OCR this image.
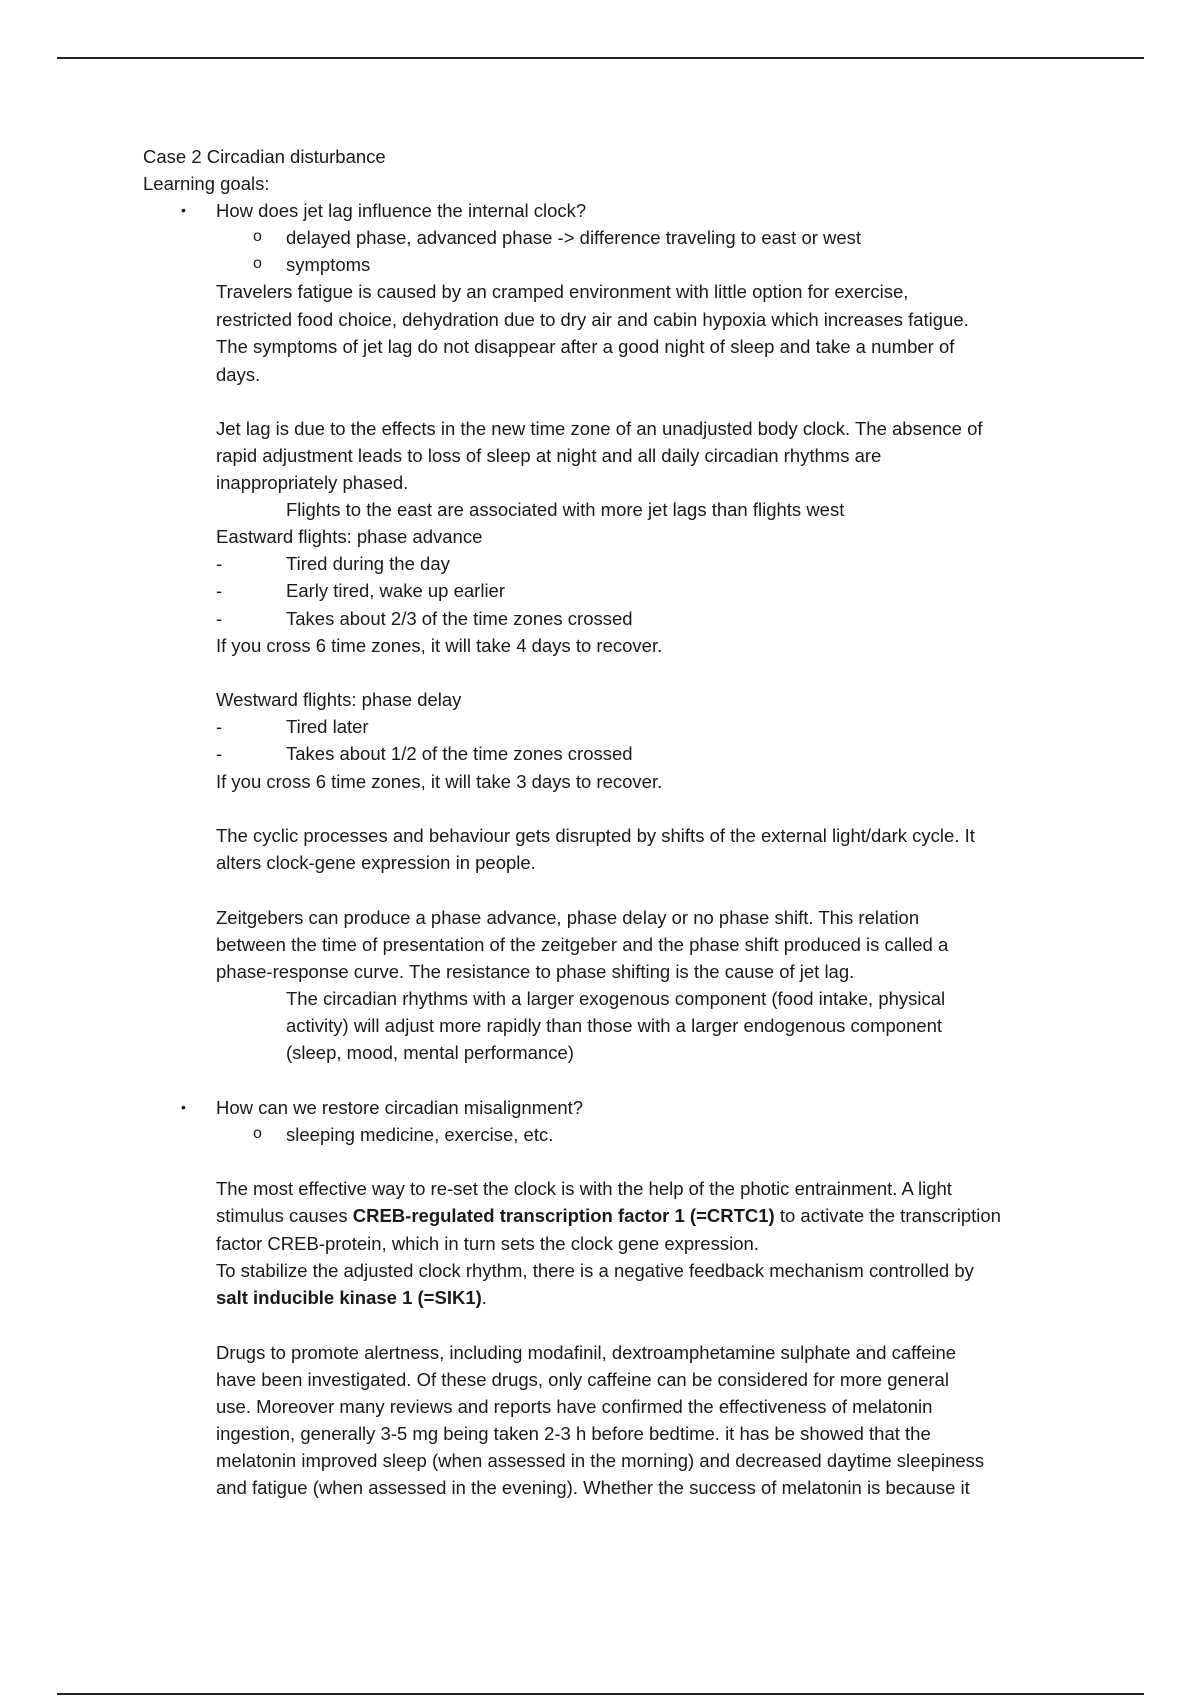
Case 2 Circadian disturbance
Learning goals:
• How does jet lag influence the internal clock?
o delayed phase, advanced phase -> difference traveling to east or west
o symptoms
Travelers fatigue is caused by an cramped environment with little option for exercise,
restricted food choice, dehydration due to dry air and cabin hypoxia which increases fatigue.
The symptoms of jet lag do not disappear after a good night of sleep and take a number of
days.
Jet lag is due to the effects in the new time zone of an unadjusted body clock. The absence of
rapid adjustment leads to loss of sleep at night and all daily circadian rhythms are
inappropriately phased.
Flights to the east are associated with more jet lags than flights west
Eastward flights: phase advance
-	Tired during the day
-	Early tired, wake up earlier
-	Takes about 2/3 of the time zones crossed
If you cross 6 time zones, it will take 4 days to recover.
Westward flights: phase delay
-	Tired later
-	Takes about 1/2 of the time zones crossed
If you cross 6 time zones, it will take 3 days to recover.
The cyclic processes and behaviour gets disrupted by shifts of the external light/dark cycle. It
alters clock-gene expression in people.
Zeitgebers can produce a phase advance, phase delay or no phase shift. This relation
between the time of presentation of the zeitgeber and the phase shift produced is called a
phase-response curve. The resistance to phase shifting is the cause of jet lag.
The circadian rhythms with a larger exogenous component (food intake, physical
activity) will adjust more rapidly than those with a larger endogenous component
(sleep, mood, mental performance)
• How can we restore circadian misalignment?
o sleeping medicine, exercise, etc.
The most effective way to re-set the clock is with the help of the photic entrainment. A light
stimulus causes CREB-regulated transcription factor 1 (=CRTC1) to activate the transcription
factor CREB-protein, which in turn sets the clock gene expression.
To stabilize the adjusted clock rhythm, there is a negative feedback mechanism controlled by
salt inducible kinase 1 (=SIK1).
Drugs to promote alertness, including modafinil, dextroamphetamine sulphate and caffeine
have been investigated. Of these drugs, only caffeine can be considered for more general
use. Moreover many reviews and reports have confirmed the effectiveness of melatonin
ingestion, generally 3-5 mg being taken 2-3 h before bedtime. it has be showed that the
melatonin improved sleep (when assessed in the morning) and decreased daytime sleepiness
and fatigue (when assessed in the evening). Whether the success of melatonin is because it
